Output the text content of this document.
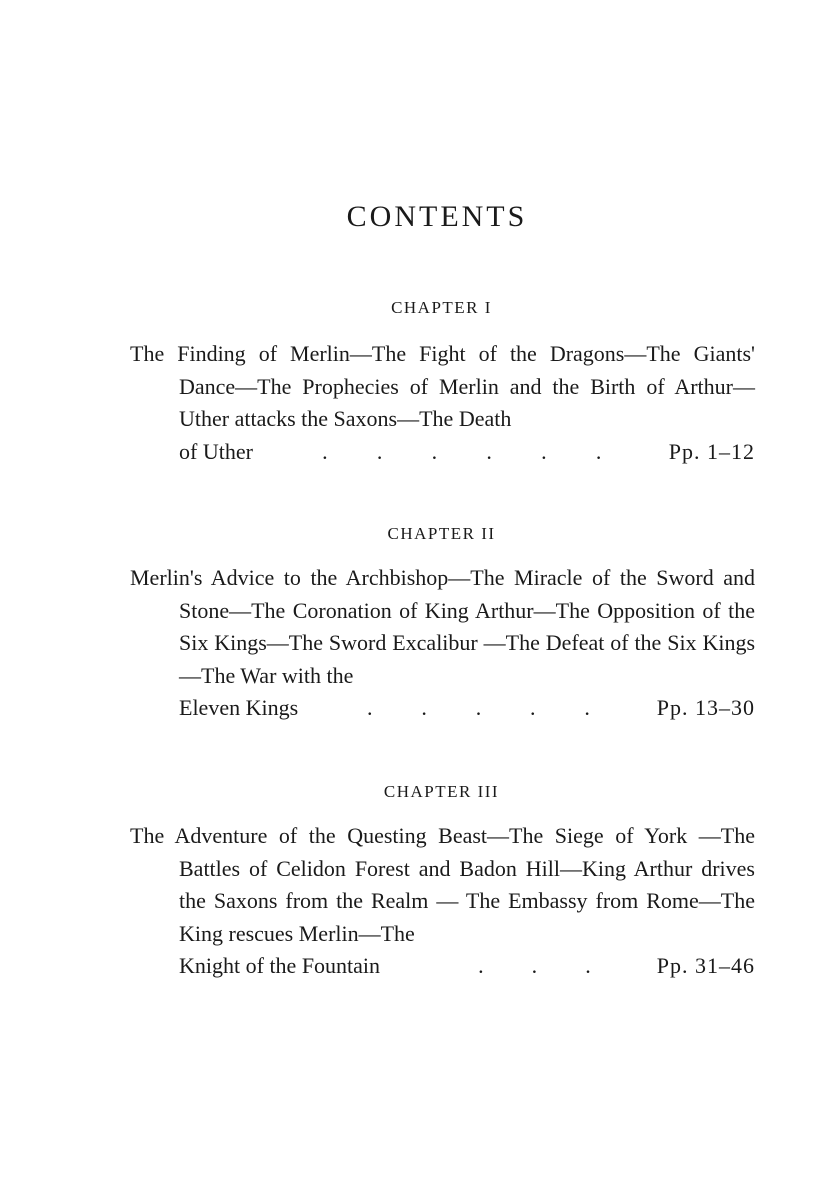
CONTENTS
CHAPTER I
The Finding of Merlin—The Fight of the Dragons—The Giants' Dance—The Prophecies of Merlin and the Birth of Arthur—Uther attacks the Saxons—The Death
of Uther	. . . . . .	Pp. 1–12
CHAPTER II
Merlin's Advice to the Archbishop—The Miracle of the Sword and Stone—The Coronation of King Arthur—The Opposition of the Six Kings—The Sword Excalibur —The Defeat of the Six Kings—The War with the
Eleven Kings	. . . . .	Pp. 13–30
CHAPTER III
The Adventure of the Questing Beast—The Siege of York —The Battles of Celidon Forest and Badon Hill—King Arthur drives the Saxons from the Realm — The Embassy from Rome—The King rescues Merlin—The
Knight of the Fountain	. . .	Pp. 31–46
